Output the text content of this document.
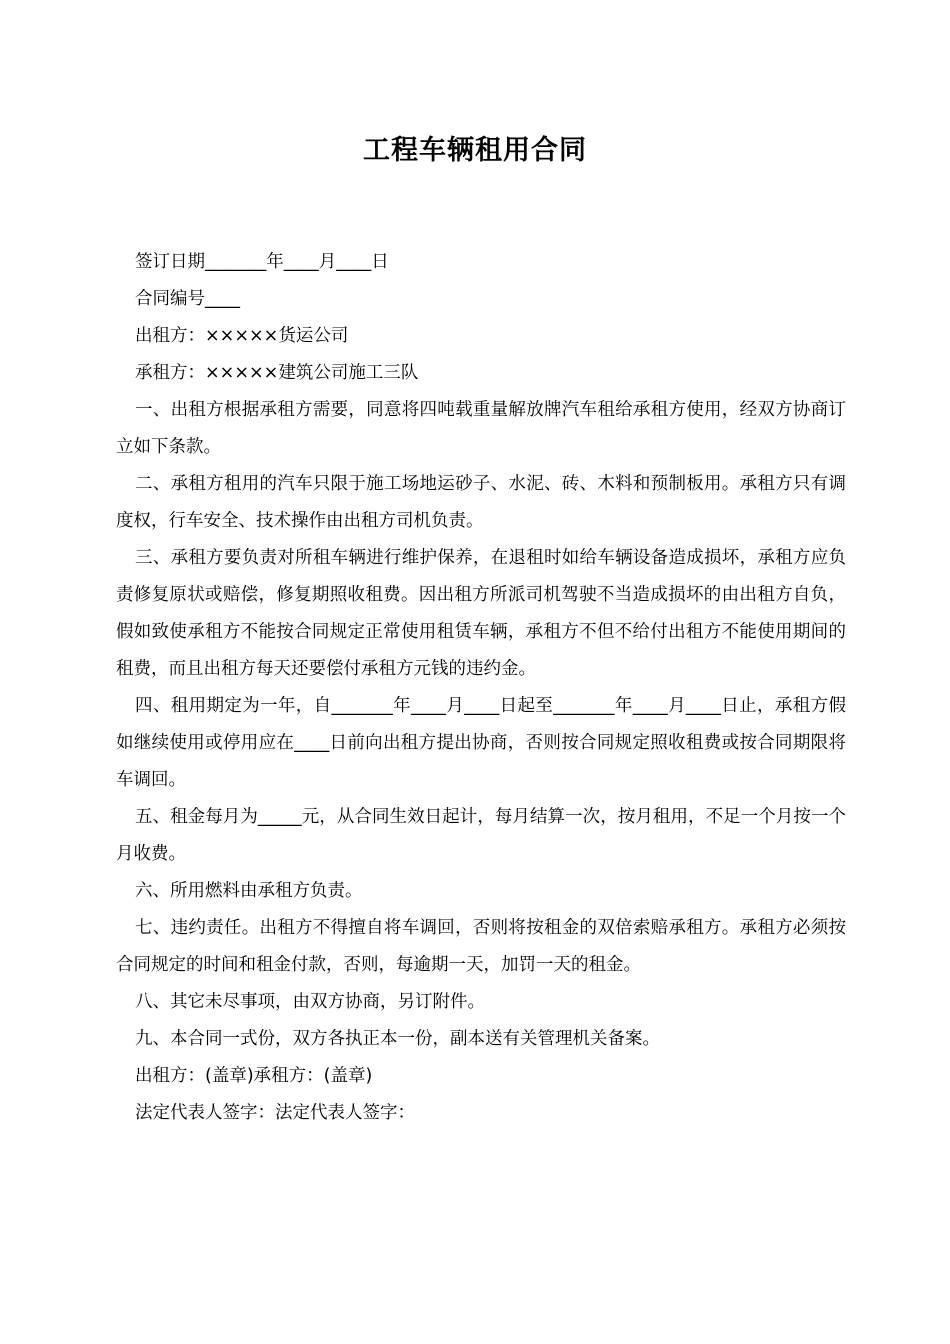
工程车辆租用合同

签订日期_______年____月____日

合同编号____

出租方：×××××货运公司

承租方：×××××建筑公司施工三队

一、出租方根据承租方需要，同意将四吨载重量解放牌汽车租给承租方使用，经双方协商订立如下条款。

二、承租方租用的汽车只限于施工场地运砂子、水泥、砖、木料和预制板用。承租方只有调度权，行车安全、技术操作由出租方司机负责。

三、承租方要负责对所租车辆进行维护保养，在退租时如给车辆设备造成损坏，承租方应负责修复原状或赔偿，修复期照收租费。因出租方所派司机驾驶不当造成损坏的由出租方自负，假如致使承租方不能按合同规定正常使用租赁车辆，承租方不但不给付出租方不能使用期间的租费，而且出租方每天还要偿付承租方元钱的违约金。

四、租用期定为一年，自_______年____月____日起至_______年____月____日止，承租方假如继续使用或停用应在____日前向出租方提出协商，否则按合同规定照收租费或按合同期限将车调回。

五、租金每月为_____元，从合同生效日起计，每月结算一次，按月租用，不足一个月按一个月收费。

六、所用燃料由承租方负责。

七、违约责任。出租方不得擅自将车调回，否则将按租金的双倍索赔承租方。承租方必须按合同规定的时间和租金付款，否则，每逾期一天，加罚一天的租金。

八、其它未尽事项，由双方协商，另订附件。

九、本合同一式份，双方各执正本一份，副本送有关管理机关备案。

出租方：(盖章)承租方：(盖章)

法定代表人签字：法定代表人签字：
